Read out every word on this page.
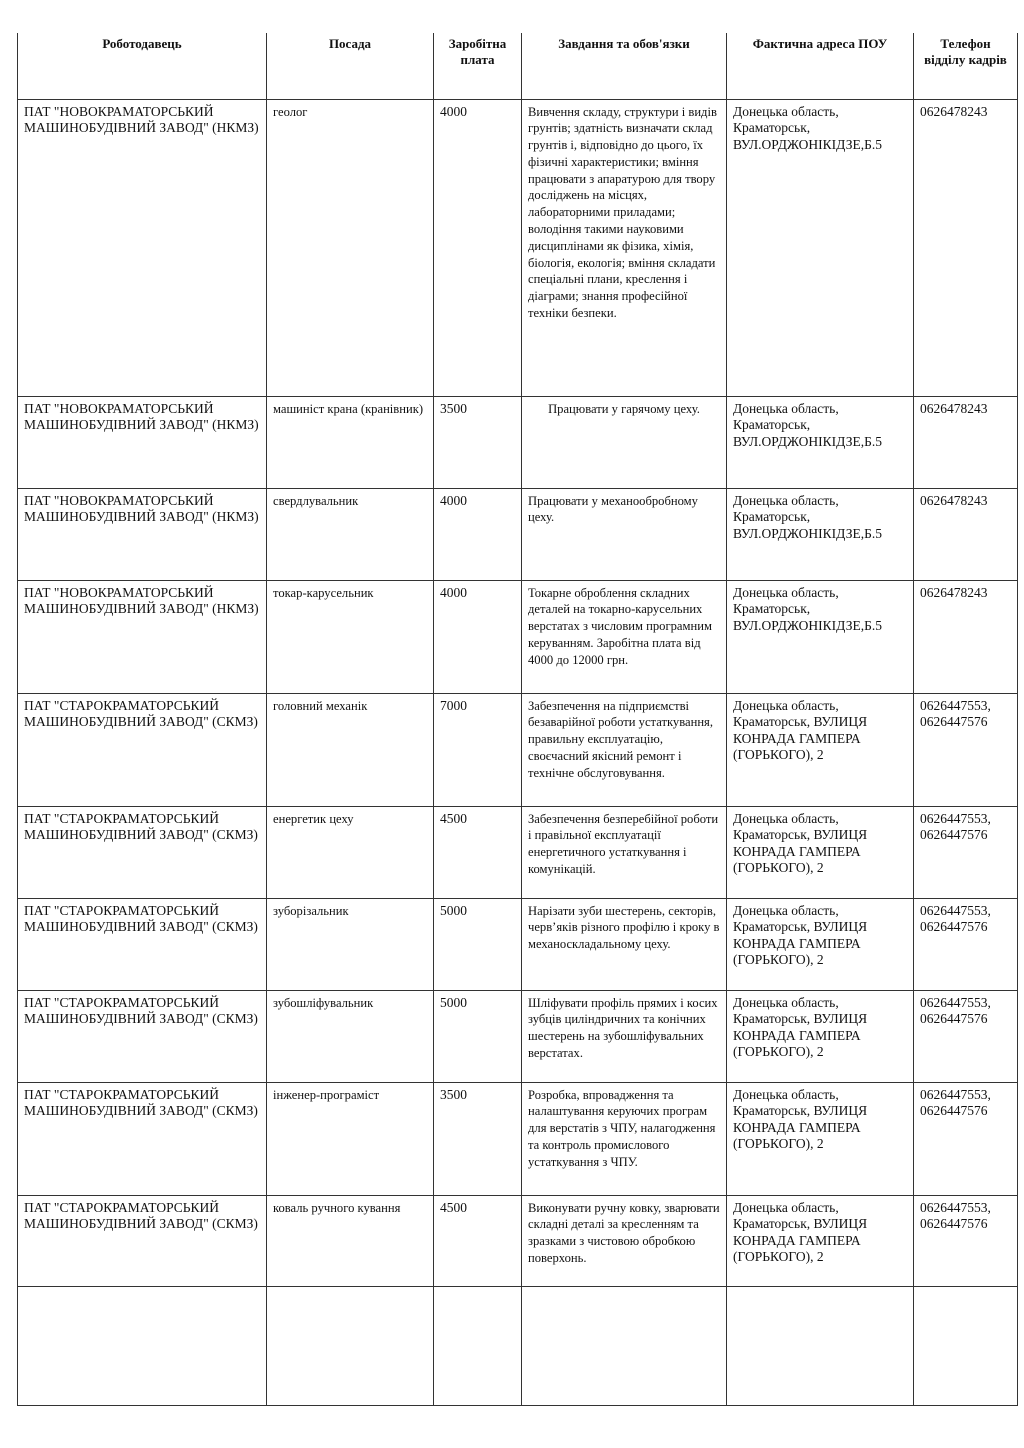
Роботодавець	Посада	Заробітна плата	Завдання та обов'язки	Фактична адреса ПОУ	Телефон відділу кадрів
ПАТ "НОВОКРАМАТОРСЬКИЙ МАШИНОБУДІВНИЙ ЗАВОД" (НКМЗ)	геолог	4000	Вивчення складу, структури і видів грунтів; здатність визначати склад грунтів і, відповідно до цього, їх фізичні характеристики; вміння працювати з апаратурою для твору досліджень на місцях, лабораторними приладами; володіння такими науковими дисциплінами як фізика, хімія, біологія, екологія; вміння складати спеціальні плани, креслення і діаграми; знання професійної техніки безпеки.	Донецька область, Краматорськ, ВУЛ.ОРДЖОНІКІДЗЕ,Б.5	0626478243
ПАТ "НОВОКРАМАТОРСЬКИЙ МАШИНОБУДІВНИЙ ЗАВОД" (НКМЗ)	машиніст крана (кранівник)	3500	Працювати у гарячому цеху.	Донецька область, Краматорськ, ВУЛ.ОРДЖОНІКІДЗЕ,Б.5	0626478243
ПАТ "НОВОКРАМАТОРСЬКИЙ МАШИНОБУДІВНИЙ ЗАВОД" (НКМЗ)	свердлувальник	4000	Працювати у механообробному цеху.	Донецька область, Краматорськ, ВУЛ.ОРДЖОНІКІДЗЕ,Б.5	0626478243
ПАТ "НОВОКРАМАТОРСЬКИЙ МАШИНОБУДІВНИЙ ЗАВОД" (НКМЗ)	токар-карусельник	4000	Токарне оброблення складних деталей на токарно-карусельних верстатах з числовим програмним керуванням. Заробітна плата від 4000 до 12000 грн.	Донецька область, Краматорськ, ВУЛ.ОРДЖОНІКІДЗЕ,Б.5	0626478243
ПАТ "СТАРОКРАМАТОРСЬКИЙ МАШИНОБУДІВНИЙ ЗАВОД" (СКМЗ)	головний механік	7000	Забезпечення на підприємстві безаварійної роботи устаткування, правильну експлуатацію, своєчасний якісний ремонт і технічне обслуговування.	Донецька область, Краматорськ, ВУЛИЦЯ КОНРАДА ГАМПЕРА (ГОРЬКОГО), 2	0626447553, 0626447576
ПАТ "СТАРОКРАМАТОРСЬКИЙ МАШИНОБУДІВНИЙ ЗАВОД" (СКМЗ)	енергетик цеху	4500	Забезпечення безперебійної роботи і правільної експлуатації енергетичного устаткування і комунікацій.	Донецька область, Краматорськ, ВУЛИЦЯ КОНРАДА ГАМПЕРА (ГОРЬКОГО), 2	0626447553, 0626447576
ПАТ "СТАРОКРАМАТОРСЬКИЙ МАШИНОБУДІВНИЙ ЗАВОД" (СКМЗ)	зуборізальник	5000	Нарізати зуби шестерень, секторів, черв’яків різного профілю і кроку в механоскладальному цеху.	Донецька область, Краматорськ, ВУЛИЦЯ КОНРАДА ГАМПЕРА (ГОРЬКОГО), 2	0626447553, 0626447576
ПАТ "СТАРОКРАМАТОРСЬКИЙ МАШИНОБУДІВНИЙ ЗАВОД" (СКМЗ)	зубошліфувальник	5000	Шліфувати профіль прямих і косих зубців циліндричних та конічних шестерень на зубошліфувальних верстатах.	Донецька область, Краматорськ, ВУЛИЦЯ КОНРАДА ГАМПЕРА (ГОРЬКОГО), 2	0626447553, 0626447576
ПАТ "СТАРОКРАМАТОРСЬКИЙ МАШИНОБУДІВНИЙ ЗАВОД" (СКМЗ)	інженер-програміст	3500	Розробка, впровадження та налаштування керуючих програм для верстатів з ЧПУ, налагодження та контроль промислового устаткування з ЧПУ.	Донецька область, Краматорськ, ВУЛИЦЯ КОНРАДА ГАМПЕРА (ГОРЬКОГО), 2	0626447553, 0626447576
ПАТ "СТАРОКРАМАТОРСЬКИЙ МАШИНОБУДІВНИЙ ЗАВОД" (СКМЗ)	коваль ручного кування	4500	Виконувати ручну ковку, зварювати складні деталі за кресленням та зразками з чистовою обробкою поверхонь.	Донецька область, Краматорськ, ВУЛИЦЯ КОНРАДА ГАМПЕРА (ГОРЬКОГО), 2	0626447553, 0626447576
